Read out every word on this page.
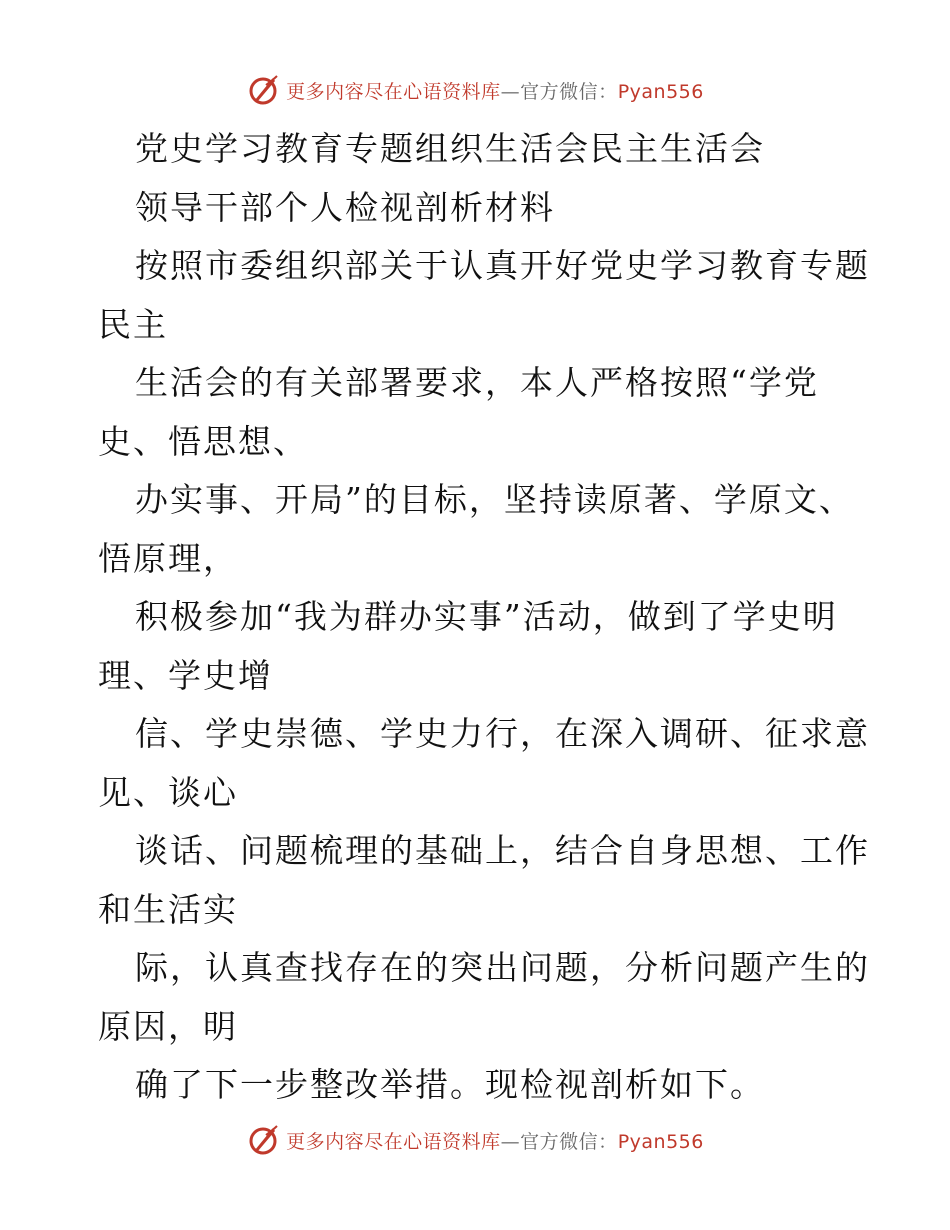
更多内容尽在心语资料库—官方微信：Pyan556
党史学习教育专题组织生活会民主生活会
领导干部个人检视剖析材料
按照市委组织部关于认真开好党史学习教育专题
民主
生活会的有关部署要求，本人严格按照“学党
史、悟思想、
办实事、开局”的目标，坚持读原著、学原文、
悟原理，
积极参加“我为群办实事”活动，做到了学史明
理、学史增
信、学史崇德、学史力行，在深入调研、征求意
见、谈心
谈话、问题梳理的基础上，结合自身思想、工作
和生活实
际，认真查找存在的突出问题，分析问题产生的
原因，明
确了下一步整改举措。现检视剖析如下。
更多内容尽在心语资料库—官方微信：Pyan556
